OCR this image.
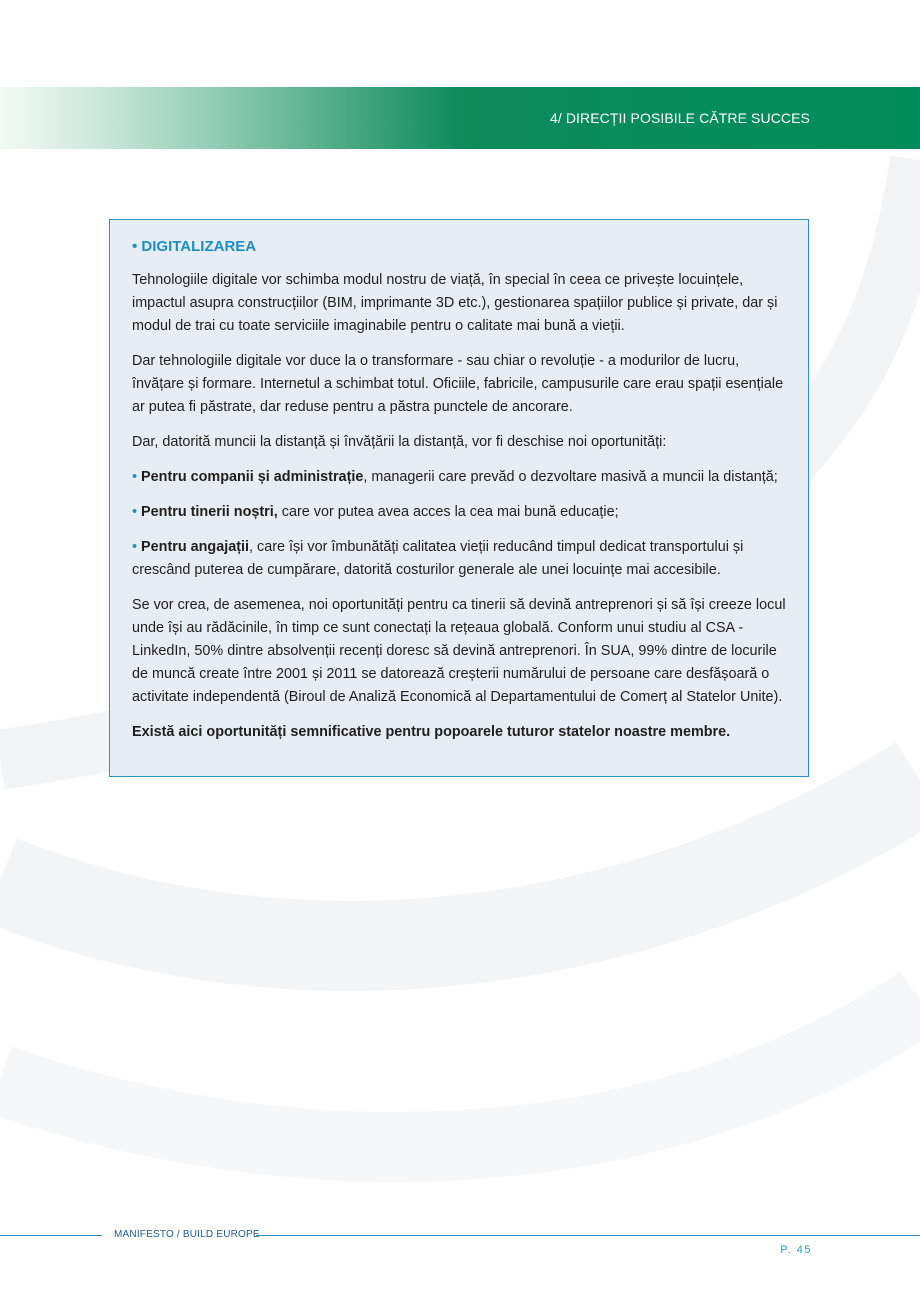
4/ DIRECȚII POSIBILE CĂTRE SUCCES

• DIGITALIZAREA

Tehnologiile digitale vor schimba modul nostru de viață, în special în ceea ce privește locuințele, impactul asupra construcțiilor (BIM, imprimante 3D etc.), gestionarea spațiilor publice și private, dar și modul de trai cu toate serviciile imaginabile pentru o calitate mai bună a vieții.

Dar tehnologiile digitale vor duce la o transformare - sau chiar o revoluție - a modurilor de lucru, învățare și formare. Internetul a schimbat totul. Oficiile, fabricile, campusurile care erau spații esențiale ar putea fi păstrate, dar reduse pentru a păstra punctele de ancorare.

Dar, datorită muncii la distanță și învățării la distanță, vor fi deschise noi oportunități:

• Pentru companii și administrație, managerii care prevăd o dezvoltare masivă a muncii la distanță;

• Pentru tinerii noștri, care vor putea avea acces la cea mai bună educație;

• Pentru angajații, care își vor îmbunătăți calitatea vieții reducând timpul dedicat transportului și crescând puterea de cumpărare, datorită costurilor generale ale unei locuințe mai accesibile.

Se vor crea, de asemenea, noi oportunități pentru ca tinerii să devină antreprenori și să își creeze locul unde își au rădăcinile, în timp ce sunt conectați la rețeaua globală. Conform unui studiu al CSA - LinkedIn, 50% dintre absolvenții recenți doresc să devină antreprenori. În SUA, 99% dintre de locurile de muncă create între 2001 și 2011 se datorează creșterii numărului de persoane care desfășoară o activitate independentă (Biroul de Analiză Economică al Departamentului de Comerț al Statelor Unite).

Există aici oportunități semnificative pentru popoarele tuturor statelor noastre membre.

MANIFESTO / BUILD EUROPE
P. 45
